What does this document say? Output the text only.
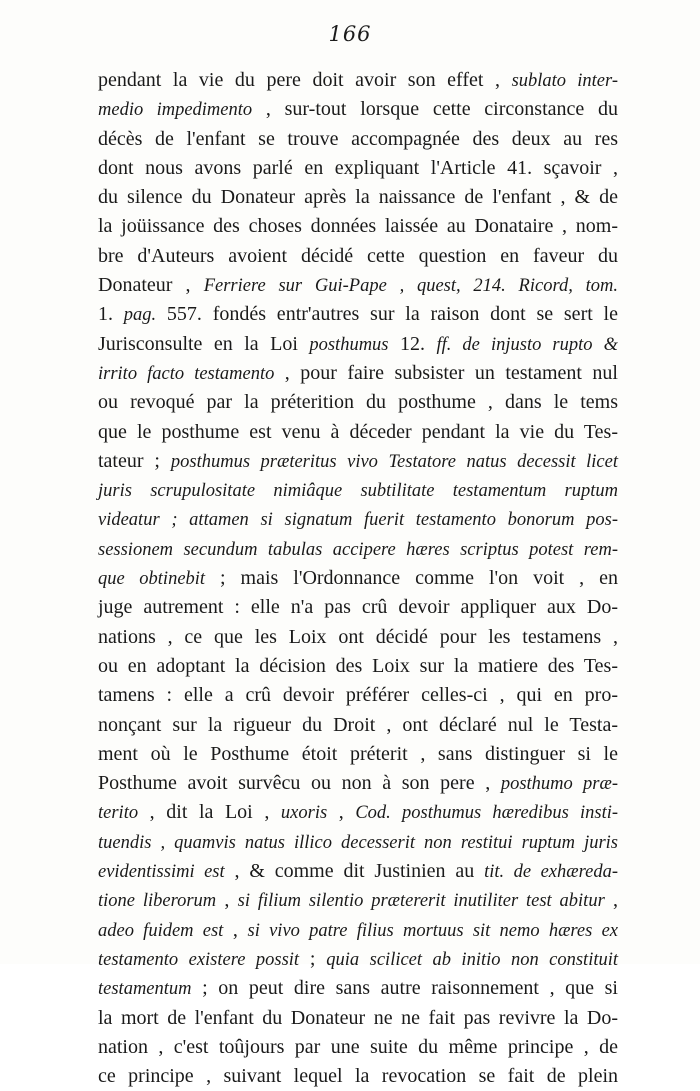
166
pendant la vie du pere doit avoir son effet , sublato inter-
medio impedimento , sur-tout lorsque cette circonstance du
décès de l'enfant se trouve accompagnée des deux au res
dont nous avons parlé en expliquant l'Article 41. sçavoir ,
du silence du Donateur après la naissance de l'enfant , & de
la joüissance des choses données laissée au Donataire , nom-
bre d'Auteurs avoient décidé cette question en faveur du
Donateur , Ferriere sur Gui-Pape , quest, 214. Ricord, tom.
1. pag. 557. fondés entr'autres sur la raison dont se sert le
Jurisconsulte en la Loi posthumus 12. ff. de injusto rupto &
irrito facto testamento , pour faire subsister un testament nul
ou revoqué par la préterition du posthume , dans le tems
que le posthume est venu à déceder pendant la vie du Tes-
tateur ; posthumus præteritus vivo Testatore natus decessit licet
juris scrupulositate nimiâque subtilitate testamentum ruptum
videatur ; attamen si signatum fuerit testamento bonorum pos-
sessionem secundum tabulas accipere hæres scriptus potest rem-
que obtinebit ; mais l'Ordonnance comme l'on voit , en
juge autrement : elle n'a pas crû devoir appliquer aux Do-
nations , ce que les Loix ont décidé pour les testamens ,
ou en adoptant la décision des Loix sur la matiere des Tes-
tamens : elle a crû devoir préférer celles-ci , qui en pro-
nonçant sur la rigueur du Droit , ont déclaré nul le Testa-
ment où le Posthume étoit préterit , sans distinguer si le
Posthume avoit survêcu ou non à son pere , posthumo præ-
terito , dit la Loi , uxoris , Cod. posthumus hæredibus insti-
tuendis , quamvis natus illico decesserit non restitui ruptum juris
evidentissimi est , & comme dit Justinien au tit. de exhæreda-
tione liberorum , si filium silentio prætererit inutiliter test abitur ,
adeo fuidem est , si vivo patre filius mortuus sit nemo hæres ex
testamento existere possit ; quia scilicet ab initio non constituit
testamentum ; on peut dire sans autre raisonnement , que si
la mort de l'enfant du Donateur ne ne fait pas revivre la Do-
nation , c'est toûjours par une suite du même principe , de
ce principe , suivant lequel la revocation se fait de plein
